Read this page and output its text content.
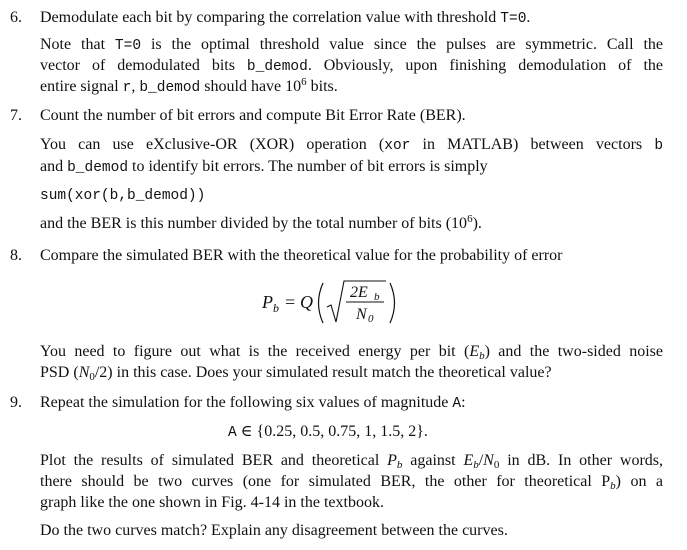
6. Demodulate each bit by comparing the correlation value with threshold T=0.
Note that T=0 is the optimal threshold value since the pulses are symmetric. Call the
vector of demodulated bits b_demod. Obviously, upon finishing demodulation of the
entire signal r, b_demod should have $10^6$ bits.
7. Count the number of bit errors and compute Bit Error Rate (BER).
You can use eXclusive-OR (XOR) operation (xor in MATLAB) between vectors b
and b_demod to identify bit errors. The number of bit errors is simply
sum(xor(b,b_demod))
and the BER is this number divided by the total number of bits $(10^6)$.
8. Compare the simulated BER with the theoretical value for the probability of error
P b = Q 2E b
N 0
You need to figure out what is the received energy per bit $(E_b)$ and the two-sided noise
PSD $(N_0/2)$ in this case. Does your simulated result match the theoretical value?
9. Repeat the simulation for the following six values of magnitude A:
A ∈ {0.25, 0.5, 0.75, 1, 1.5, 2}.
Plot the results of simulated BER and theoretical $P_b$ against $E_b/N_0$ in dB. In other words,
there should be two curves (one for simulated BER, the other for theoretical $P_b$) on a
graph like the one shown in Fig. 4-14 in the textbook.
Do the two curves match? Explain any disagreement between the curves.
